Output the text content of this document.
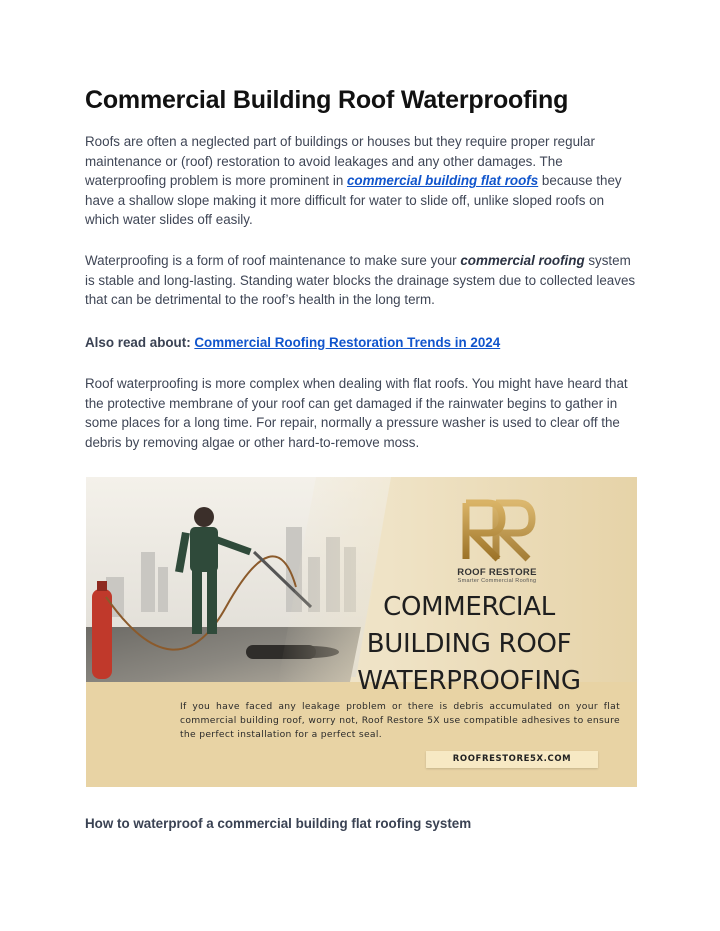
Commercial Building Roof Waterproofing

Roofs are often a neglected part of buildings or houses but they require proper regular maintenance or (roof) restoration to avoid leakages and any other damages. The waterproofing problem is more prominent in commercial building flat roofs because they have a shallow slope making it more difficult for water to slide off, unlike sloped roofs on which water slides off easily.

Waterproofing is a form of roof maintenance to make sure your commercial roofing system is stable and long-lasting. Standing water blocks the drainage system due to collected leaves that can be detrimental to the roof’s health in the long term.

Also read about: Commercial Roofing Restoration Trends in 2024

Roof waterproofing is more complex when dealing with flat roofs. You might have heard that the protective membrane of your roof can get damaged if the rainwater begins to gather in some places for a long time. For repair, normally a pressure washer is used to clear off the debris by removing algae or other hard-to-remove moss.

How to waterproof a commercial building flat roofing system
ROOF RESTORE
Smarter Commercial Roofing
COMMERCIAL
BUILDING ROOF
WATERPROOFING
If you have faced any leakage problem or there is debris accumulated on your flat commercial building roof, worry not, Roof Restore 5X use compatible adhesives to ensure the perfect installation for a perfect seal.
ROOFRESTORE5X.COM
